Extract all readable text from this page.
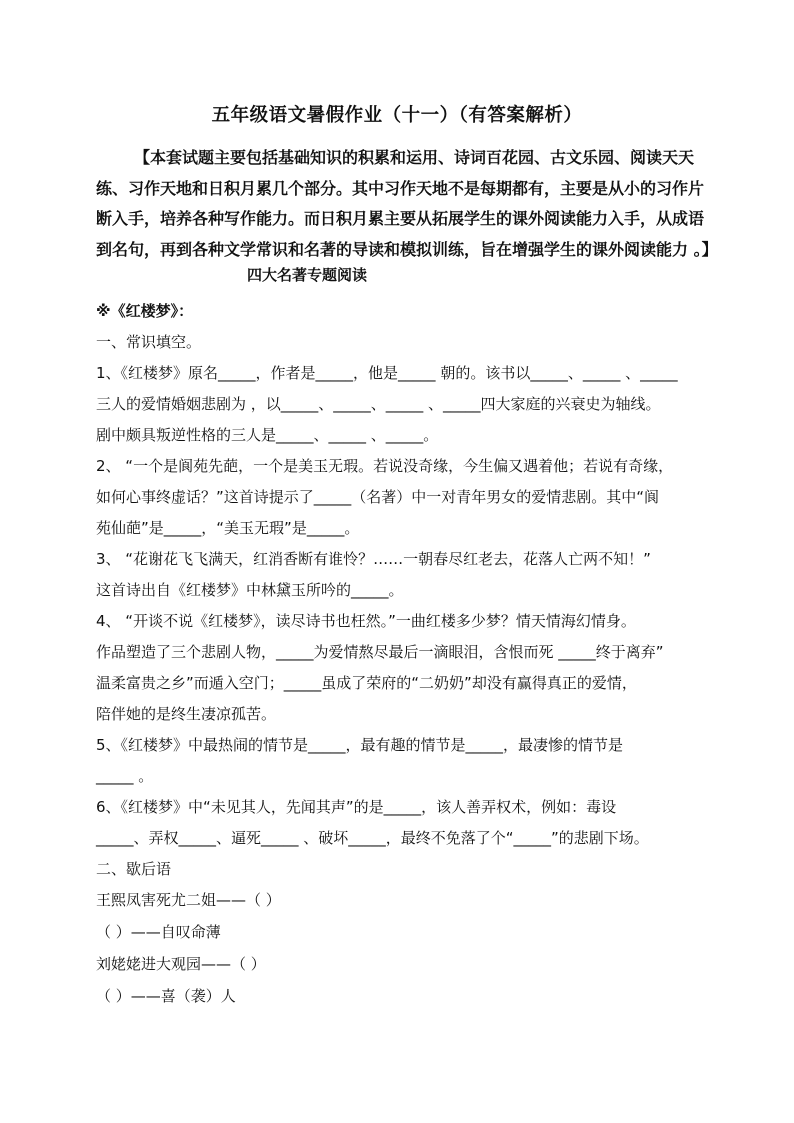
五年级语文暑假作业（十一）（有答案解析）
【本套试题主要包括基础知识的积累和运用、诗词百花园、古文乐园、阅读天天
练、习作天地和日积月累几个部分。其中习作天地不是每期都有，主要是从小的习作片
断入手，培养各种写作能力。而日积月累主要从拓展学生的课外阅读能力入手，从成语
到名句，再到各种文学常识和名著的导读和模拟训练，旨在增强学生的课外阅读能力 。】
四大名著专题阅读
※《红楼梦》：
一、常识填空。
1、《红楼梦》原名_____，作者是_____，他是_____ 朝的。该书以_____、_____ 、_____
三人的爱情婚姻悲剧为 ，以_____、_____、_____ 、_____四大家庭的兴衰史为轴线。
剧中颇具叛逆性格的三人是_____、_____ 、_____。
2、 “一个是阆苑先葩，一个是美玉无瑕。若说没奇缘，今生偏又遇着他；若说有奇缘，
如何心事终虚话？”这首诗提示了_____（名著）中一对青年男女的爱情悲剧。其中“阆
苑仙葩”是_____，“美玉无瑕”是_____。
3、 “花谢花飞飞满天，红消香断有谁怜？……一朝春尽红老去，花落人亡两不知！”
这首诗出自《红楼梦》中林黛玉所吟的_____。
4、 “开谈不说《红楼梦》，读尽诗书也枉然。”一曲红楼多少梦？情天情海幻情身。
作品塑造了三个悲剧人物，_____为爱情熬尽最后一滴眼泪，含恨而死 _____终于离弃”
温柔富贵之乡”而遁入空门；_____虽成了荣府的“二奶奶”却没有赢得真正的爱情，
陪伴她的是终生凄凉孤苦。
5、《红楼梦》中最热闹的情节是_____，最有趣的情节是_____，最凄惨的情节是
_____ 。
6、《红楼梦》中“未见其人，先闻其声”的是_____，该人善弄权术，例如：毒设
_____、弄权_____、逼死_____ 、破坏_____，最终不免落了个“_____”的悲剧下场。
二、歇后语
王熙凤害死尤二姐——（ ）
（ ）——自叹命薄
刘姥姥进大观园——（ ）
（ ）——喜（袭）人
